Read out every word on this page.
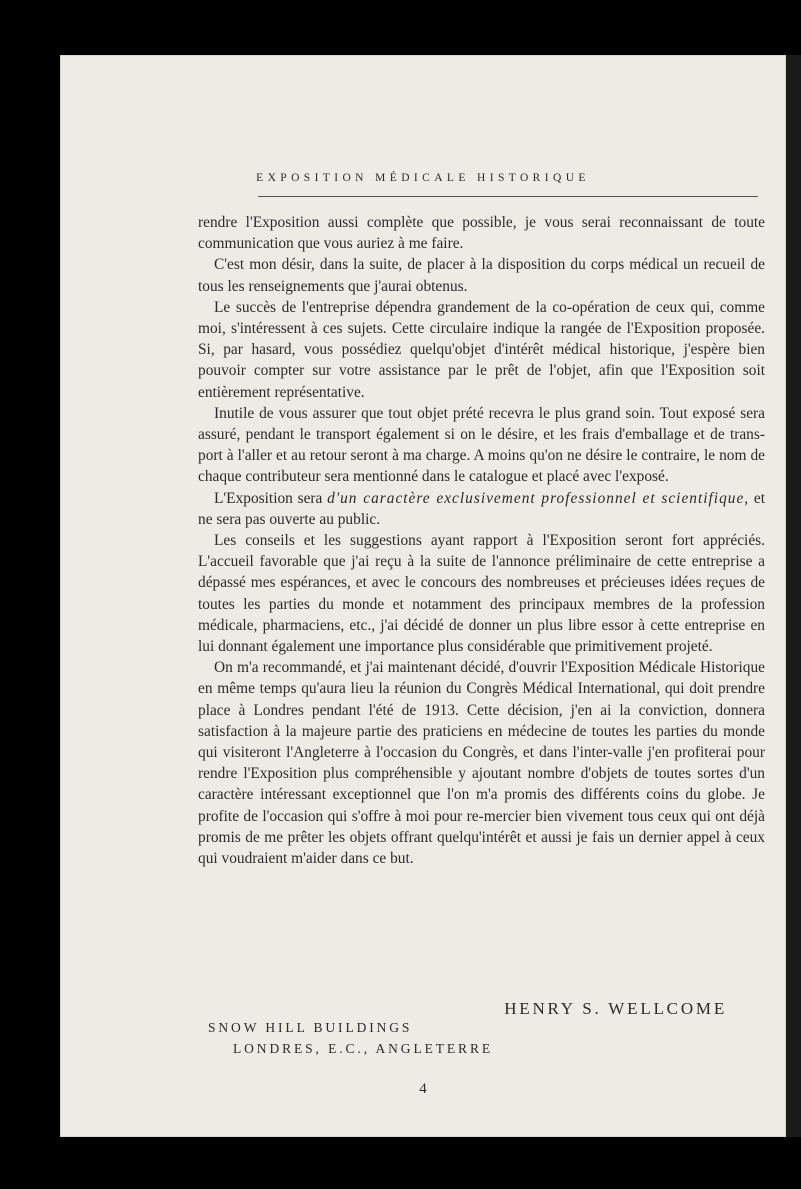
EXPOSITION MÉDICALE HISTORIQUE

rendre l'Exposition aussi complète que possible, je vous serai reconnaissant de toute communication que vous auriez à me faire.

C'est mon désir, dans la suite, de placer à la disposition du corps médical un recueil de tous les renseignements que j'aurai obtenus.

Le succès de l'entreprise dépendra grandement de la co-opération de ceux qui, comme moi, s'intéressent à ces sujets. Cette circulaire indique la rangée de l'Exposition proposée. Si, par hasard, vous possédiez quelqu'objet d'intérêt médical historique, j'espère bien pouvoir compter sur votre assistance par le prêt de l'objet, afin que l'Exposition soit entièrement représentative.

Inutile de vous assurer que tout objet prété recevra le plus grand soin. Tout exposé sera assuré, pendant le transport également si on le désire, et les frais d'emballage et de trans-port à l'aller et au retour seront à ma charge. A moins qu'on ne désire le contraire, le nom de chaque contributeur sera mentionné dans le catalogue et placé avec l'exposé.

L'Exposition sera d'un caractère exclusivement professionnel et scientifique, et ne sera pas ouverte au public.

Les conseils et les suggestions ayant rapport à l'Exposition seront fort appréciés. L'accueil favorable que j'ai reçu à la suite de l'annonce préliminaire de cette entreprise a dépassé mes espérances, et avec le concours des nombreuses et précieuses idées reçues de toutes les parties du monde et notamment des principaux membres de la profession médicale, pharmaciens, etc., j'ai décidé de donner un plus libre essor à cette entreprise en lui donnant également une importance plus considérable que primitivement projeté.

On m'a recommandé, et j'ai maintenant décidé, d'ouvrir l'Exposition Médicale Historique en même temps qu'aura lieu la réunion du Congrès Médical International, qui doit prendre place à Londres pendant l'été de 1913. Cette décision, j'en ai la conviction, donnera satisfaction à la majeure partie des praticiens en médecine de toutes les parties du monde qui visiteront l'Angleterre à l'occasion du Congrès, et dans l'inter-valle j'en profiterai pour rendre l'Exposition plus compréhensible y ajoutant nombre d'objets de toutes sortes d'un caractère intéressant exceptionnel que l'on m'a promis des différents coins du globe. Je profite de l'occasion qui s'offre à moi pour re-mercier bien vivement tous ceux qui ont déjà promis de me prêter les objets offrant quelqu'intérêt et aussi je fais un dernier appel à ceux qui voudraient m'aider dans ce but.

HENRY S. WELLCOME
SNOW HILL BUILDINGS
LONDRES, E.C., ANGLETERRE
4
